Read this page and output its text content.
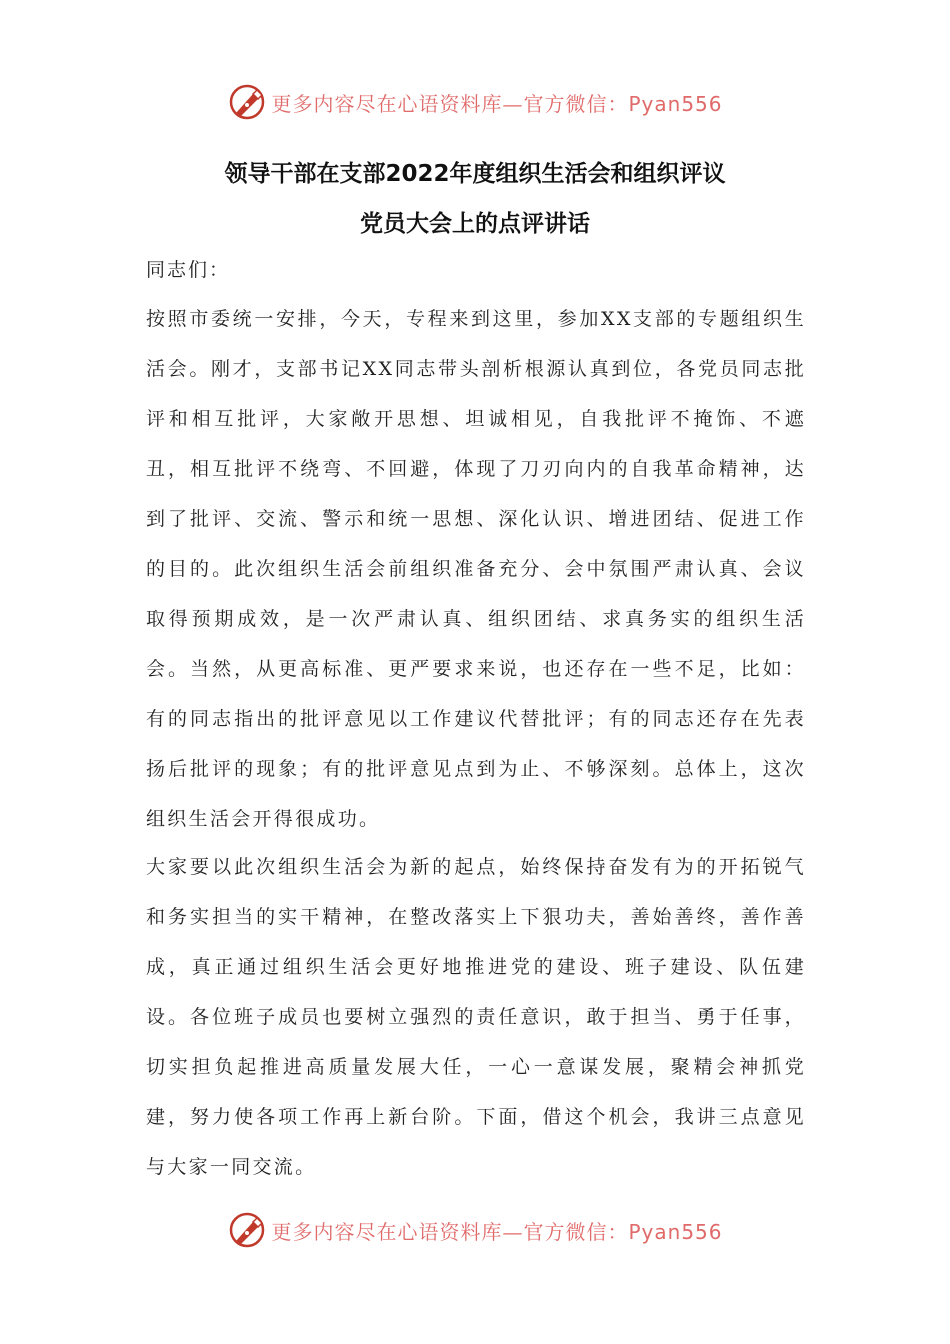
更多内容尽在心语资料库—官方微信：Pyan556
领导干部在支部2022年度组织生活会和组织评议
党员大会上的点评讲话
同志们：

按照市委统一安排，今天，专程来到这里，参加XX支部的专题组织生活会。刚才，支部书记XX同志带头剖析根源认真到位，各党员同志批评和相互批评，大家敞开思想、坦诚相见，自我批评不掩饰、不遮丑，相互批评不绕弯、不回避，体现了刀刃向内的自我革命精神，达到了批评、交流、警示和统一思想、深化认识、增进团结、促进工作的目的。此次组织生活会前组织准备充分、会中氛围严肃认真、会议取得预期成效，是一次严肃认真、组织团结、求真务实的组织生活会。当然，从更高标准、更严要求来说，也还存在一些不足，比如：有的同志指出的批评意见以工作建议代替批评；有的同志还存在先表扬后批评的现象；有的批评意见点到为止、不够深刻。总体上，这次组织生活会开得很成功。

大家要以此次组织生活会为新的起点，始终保持奋发有为的开拓锐气和务实担当的实干精神，在整改落实上下狠功夫，善始善终，善作善成，真正通过组织生活会更好地推进党的建设、班子建设、队伍建设。各位班子成员也要树立强烈的责任意识，敢于担当、勇于任事，切实担负起推进高质量发展大任，一心一意谋发展，聚精会神抓党建，努力使各项工作再上新台阶。下面，借这个机会，我讲三点意见与大家一同交流。

更多内容尽在心语资料库—官方微信：Pyan556
